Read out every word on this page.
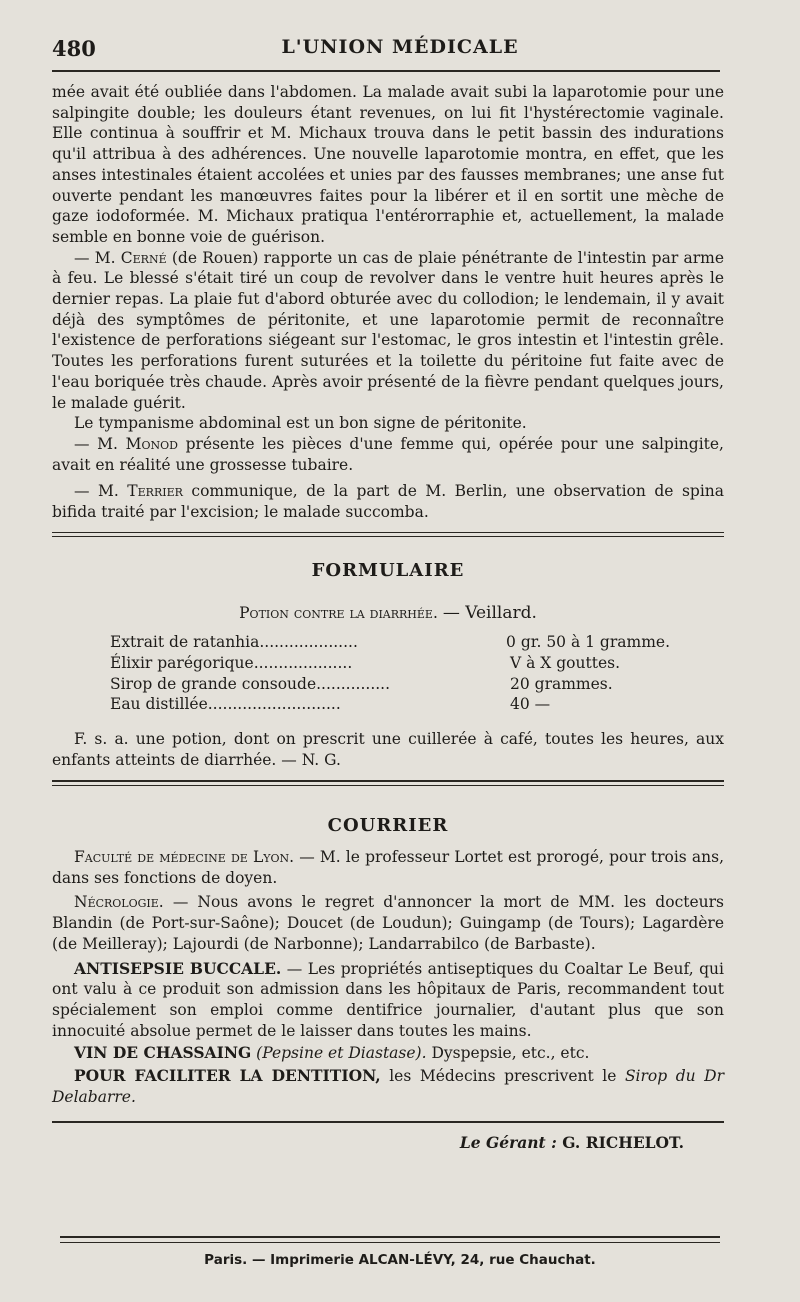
480	L'UNION MÉDICALE

mée avait été oubliée dans l'abdomen. La malade avait subi la laparotomie pour une salpingite double; les douleurs étant revenues, on lui fit l'hystérectomie vaginale. Elle continua à souffrir et M. Michaux trouva dans le petit bassin des indurations qu'il attribua à des adhérences. Une nouvelle laparotomie montra, en effet, que les anses intestinales étaient accolées et unies par des fausses membranes; une anse fut ouverte pendant les manœuvres faites pour la libérer et il en sortit une mèche de gaze iodoformée. M. Michaux pratiqua l'entérorraphie et, actuellement, la malade semble en bonne voie de guérison.

— M. Cerné (de Rouen) rapporte un cas de plaie pénétrante de l'intestin par arme à feu. Le blessé s'était tiré un coup de revolver dans le ventre huit heures après le dernier repas. La plaie fut d'abord obturée avec du collodion; le lendemain, il y avait déjà des symptômes de péritonite, et une laparotomie permit de reconnaître l'existence de perforations siégeant sur l'estomac, le gros intestin et l'intestin grêle. Toutes les perforations furent suturées et la toilette du péritoine fut faite avec de l'eau boriquée très chaude. Après avoir présenté de la fièvre pendant quelques jours, le malade guérit.

Le tympanisme abdominal est un bon signe de péritonite.

— M. Monod présente les pièces d'une femme qui, opérée pour une salpingite, avait en réalité une grossesse tubaire.

— M. Terrier communique, de la part de M. Berlin, une observation de spina bifida traité par l'excision; le malade succomba.

FORMULAIRE
Potion contre la diarrhée. — Veillard.
Extrait de ratanhia....................	0 gr. 50 à 1 gramme.
Élixir parégorique....................	V à X gouttes.
Sirop de grande consoude...............	20 grammes.
Eau distillée...........................	40 —

F. s. a. une potion, dont on prescrit une cuillerée à café, toutes les heures, aux enfants atteints de diarrhée. — N. G.

COURRIER

Faculté de médecine de Lyon. — M. le professeur Lortet est prorogé, pour trois ans, dans ses fonctions de doyen.

Nécrologie. — Nous avons le regret d'annoncer la mort de MM. les docteurs Blandin (de Port-sur-Saône); Doucet (de Loudun); Guingamp (de Tours); Lagardère (de Meilleray); Lajourdi (de Narbonne); Landarrabilco (de Barbaste).

ANTISEPSIE BUCCALE. — Les propriétés antiseptiques du Coaltar Le Beuf, qui ont valu à ce produit son admission dans les hôpitaux de Paris, recommandent tout spécialement son emploi comme dentifrice journalier, d'autant plus que son innocuité absolue permet de le laisser dans toutes les mains.

VIN DE CHASSAING (Pepsine et Diastase). Dyspepsie, etc., etc.

POUR FACILITER LA DENTITION, les Médecins prescrivent le Sirop du Dr Delabarre.

Le Gérant : G. RICHELOT.
Paris. — Imprimerie ALCAN-LÉVY, 24, rue Chauchat.
